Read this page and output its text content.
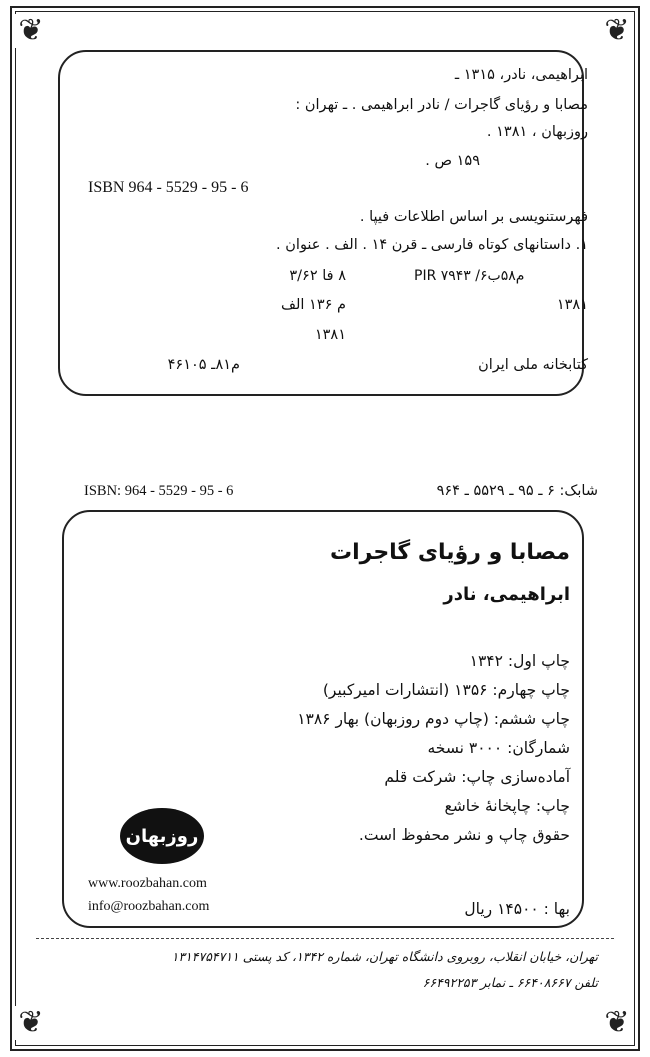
❦	❦
❦	❦
ابراهیمی، نادر، ۱۳۱۵ ـ
مصابا و رؤیای گاجرات / نادر ابراهیمی . ـ تهران :
روزبهان ، ۱۳۸۱ .
۱۵۹ ص .
ISBN 964 - 5529 - 95 - 6
فهرستنویسی بر اساس اطلاعات فیپا .
۱. داستانهای کوتاه فارسی ـ قرن ۱۴ . الف . عنوان .
PIR ۷۹۴۳ /۶م۵۸ب
۸ فا ۳/۶۲
۱۳۸۱
م ۱۳۶ الف
۱۳۸۱
کتابخانه ملی ایران
م۸۱ـ ۴۶۱۰۵
ISBN: 964 - 5529 - 95 - 6	شابک: ۶ ـ ۹۵ ـ ۵۵۲۹ ـ ۹۶۴
مصابا و رؤیای گاجرات
ابراهیمی، نادر
چاپ اول: ۱۳۴۲
چاپ چهارم: ۱۳۵۶ (انتشارات امیرکبیر)
چاپ ششم: (چاپ دوم روزبهان) بهار ۱۳۸۶
شمارگان: ۳۰۰۰ نسخه
آماده‌سازی چاپ: شرکت قلم
چاپ: چاپخانهٔ خاشع
حقوق چاپ و نشر محفوظ است.
روزبهان
www.roozbahan.com
info@roozbahan.com	بها : ۱۴۵۰۰ ریال
تهران، خیابان انقلاب، روبروی دانشگاه تهران، شماره ۱۳۴۲، کد پستی ۱۳۱۴۷۵۴۷۱۱
تلفن ۶۶۴۰۸۶۶۷ ـ نمابر ۶۶۴۹۲۲۵۳
